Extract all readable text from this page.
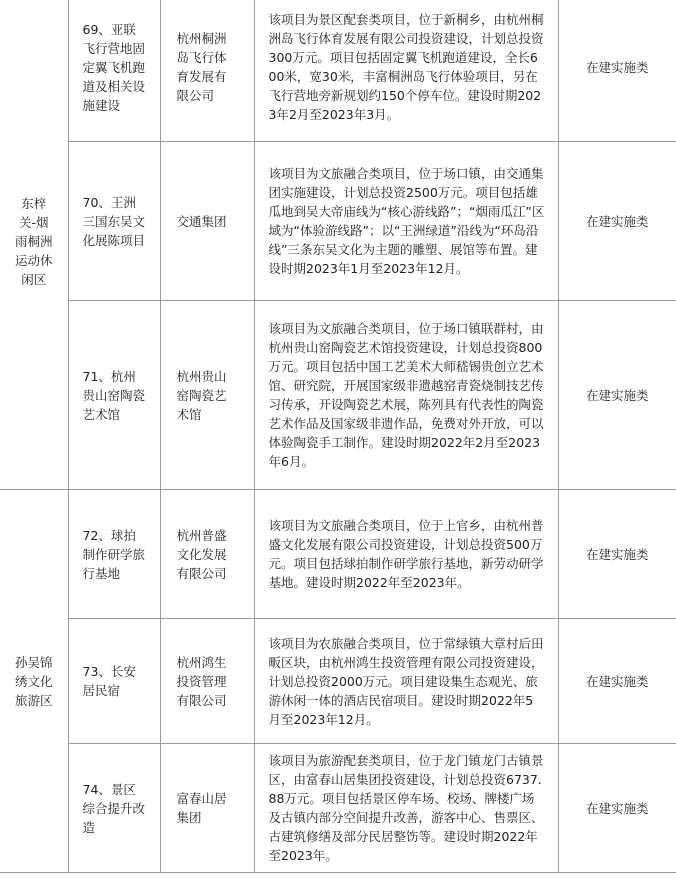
东梓关-烟雨桐洲运动休闲区	69、亚联飞行营地固定翼飞机跑道及相关设施建设	杭州桐洲岛飞行体育发展有限公司	该项目为景区配套类项目，位于新桐乡，由杭州桐洲岛飞行体育发展有限公司投资建设，计划总投资300万元。项目包括固定翼飞机跑道建设，全长600米，宽30米，丰富桐洲岛飞行体验项目，另在飞行营地旁新规划约150个停车位。建设时期2023年2月至2023年3月。	在建实施类
	70、王洲三国东吴文化展陈项目	交通集团	该项目为文旅融合类项目，位于场口镇，由交通集团实施建设，计划总投资2500万元。项目包括雄瓜地到吴大帝庙线为“核心游线路”；“烟雨瓜江”区域为“体验游线路”；以“王洲绿道”沿线为“环岛沿线”三条东吴文化为主题的雕塑、展馆等布置。建设时期2023年1月至2023年12月。	在建实施类
	71、杭州贵山窑陶瓷艺术馆	杭州贵山窑陶瓷艺术馆	该项目为文旅融合类项目，位于场口镇联群村，由杭州贵山窑陶瓷艺术馆投资建设，计划总投资800万元。项目包括中国工艺美术大师嵇锡贵创立艺术馆、研究院，开展国家级非遗越窑青瓷烧制技艺传习传承，开设陶瓷艺术展，陈列具有代表性的陶瓷艺术作品及国家级非遗作品，免费对外开放，可以体验陶瓷手工制作。建设时期2022年2月至2023年6月。	在建实施类
孙吴锦绣文化旅游区	72、球拍制作研学旅行基地	杭州普盛文化发展有限公司	该项目为文旅融合类项目，位于上官乡，由杭州普盛文化发展有限公司投资建设，计划总投资500万元。项目包括球拍制作研学旅行基地，新劳动研学基地。建设时期2022年至2023年。	在建实施类
	73、长安居民宿	杭州鸿生投资管理有限公司	该项目为农旅融合类项目，位于常绿镇大章村后田畈区块，由杭州鸿生投资管理有限公司投资建设，计划总投资2000万元。项目建设集生态观光、旅游休闲一体的酒店民宿项目。建设时期2022年5月至2023年12月。	在建实施类
	74、景区综合提升改造	富春山居集团	该项目为旅游配套类项目，位于龙门镇龙门古镇景区，由富春山居集团投资建设，计划总投资6737.88万元。项目包括景区停车场、校场、牌楼广场及古镇内部分空间提升改善，游客中心、售票区、古建筑修缮及部分民居整饬等。建设时期2022年至2023年。	在建实施类
